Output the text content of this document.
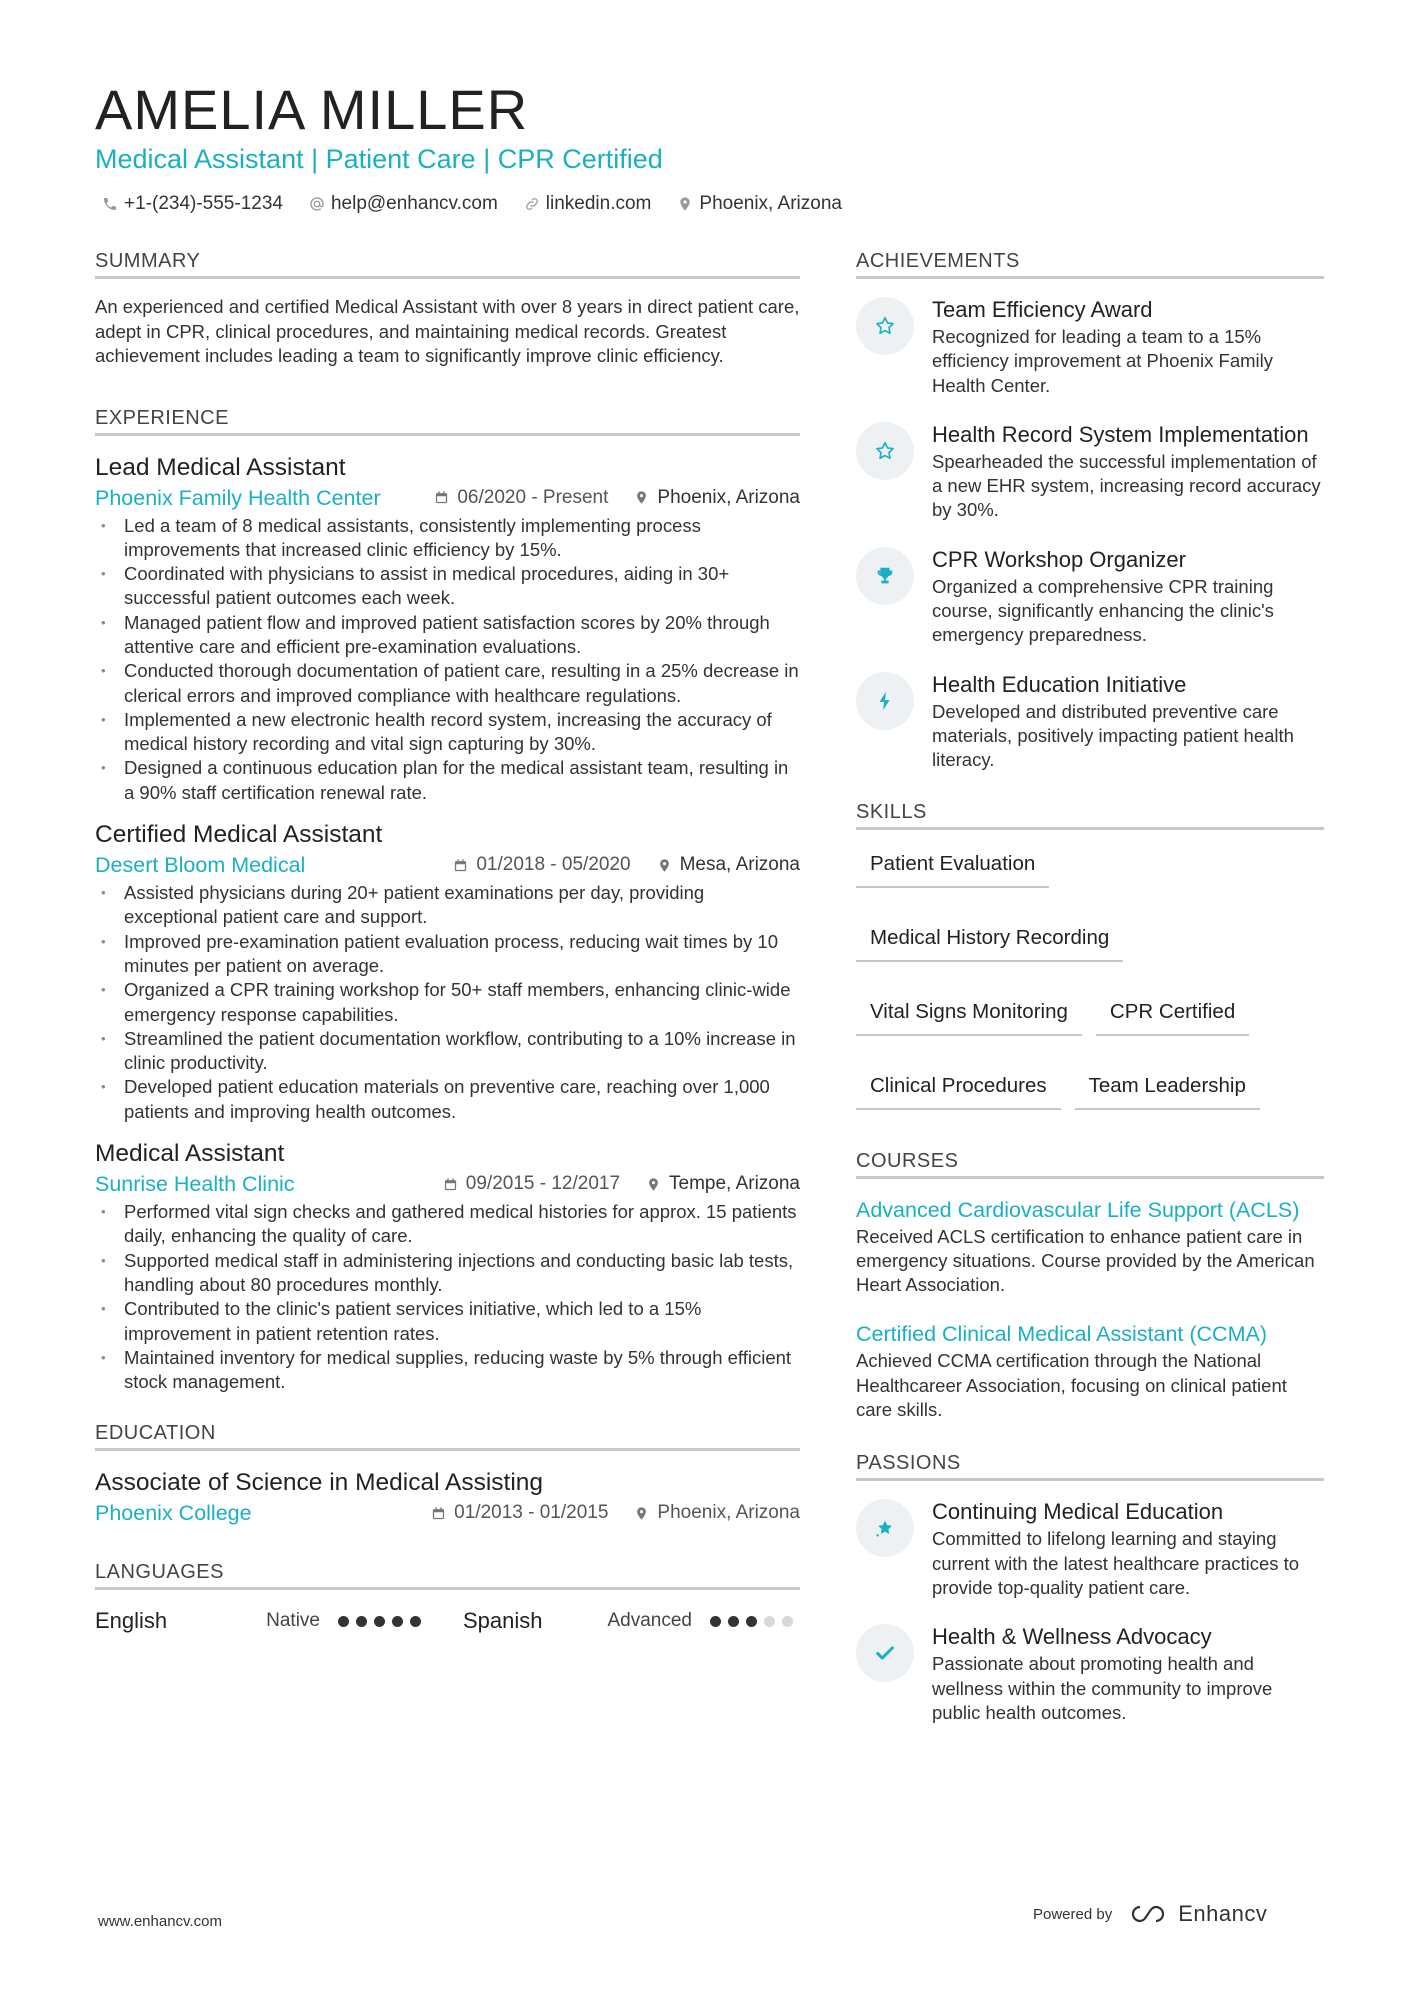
AMELIA MILLER
Medical Assistant | Patient Care | CPR Certified
+1-(234)-555-1234	help@enhancv.com	linkedin.com	Phoenix, Arizona
SUMMARY

An experienced and certified Medical Assistant with over 8 years in direct patient care, adept in CPR, clinical procedures, and maintaining medical records. Greatest achievement includes leading a team to significantly improve clinic efficiency.

EXPERIENCE
Lead Medical Assistant
Phoenix Family Health Center	06/2020 - Present	Phoenix, Arizona
• Led a team of 8 medical assistants, consistently implementing process improvements that increased clinic efficiency by 15%.
• Coordinated with physicians to assist in medical procedures, aiding in 30+ successful patient outcomes each week.
• Managed patient flow and improved patient satisfaction scores by 20% through attentive care and efficient pre-examination evaluations.
• Conducted thorough documentation of patient care, resulting in a 25% decrease in clerical errors and improved compliance with healthcare regulations.
• Implemented a new electronic health record system, increasing the accuracy of medical history recording and vital sign capturing by 30%.
• Designed a continuous education plan for the medical assistant team, resulting in a 90% staff certification renewal rate.
Certified Medical Assistant
Desert Bloom Medical	01/2018 - 05/2020	Mesa, Arizona
• Assisted physicians during 20+ patient examinations per day, providing exceptional patient care and support.
• Improved pre-examination patient evaluation process, reducing wait times by 10 minutes per patient on average.
• Organized a CPR training workshop for 50+ staff members, enhancing clinic-wide emergency response capabilities.
• Streamlined the patient documentation workflow, contributing to a 10% increase in clinic productivity.
• Developed patient education materials on preventive care, reaching over 1,000 patients and improving health outcomes.
Medical Assistant
Sunrise Health Clinic	09/2015 - 12/2017	Tempe, Arizona
• Performed vital sign checks and gathered medical histories for approx. 15 patients daily, enhancing the quality of care.
• Supported medical staff in administering injections and conducting basic lab tests, handling about 80 procedures monthly.
• Contributed to the clinic's patient services initiative, which led to a 15% improvement in patient retention rates.
• Maintained inventory for medical supplies, reducing waste by 5% through efficient stock management.
EDUCATION
Associate of Science in Medical Assisting
Phoenix College	01/2013 - 01/2015	Phoenix, Arizona
LANGUAGES
English	Native	Spanish	Advanced
ACHIEVEMENTS
Team Efficiency Award
Recognized for leading a team to a 15% efficiency improvement at Phoenix Family Health Center.
Health Record System Implementation
Spearheaded the successful implementation of a new EHR system, increasing record accuracy by 30%.
CPR Workshop Organizer
Organized a comprehensive CPR training course, significantly enhancing the clinic's emergency preparedness.
Health Education Initiative
Developed and distributed preventive care materials, positively impacting patient health literacy.
SKILLS
Patient Evaluation
Medical History Recording
Vital Signs Monitoring	CPR Certified
Clinical Procedures	Team Leadership
COURSES
Advanced Cardiovascular Life Support (ACLS)
Received ACLS certification to enhance patient care in emergency situations. Course provided by the American Heart Association.
Certified Clinical Medical Assistant (CCMA)
Achieved CCMA certification through the National Healthcareer Association, focusing on clinical patient care skills.
PASSIONS
Continuing Medical Education
Committed to lifelong learning and staying current with the latest healthcare practices to provide top-quality patient care.
Health & Wellness Advocacy
Passionate about promoting health and wellness within the community to improve public health outcomes.
www.enhancv.com	Powered by	Enhancv
